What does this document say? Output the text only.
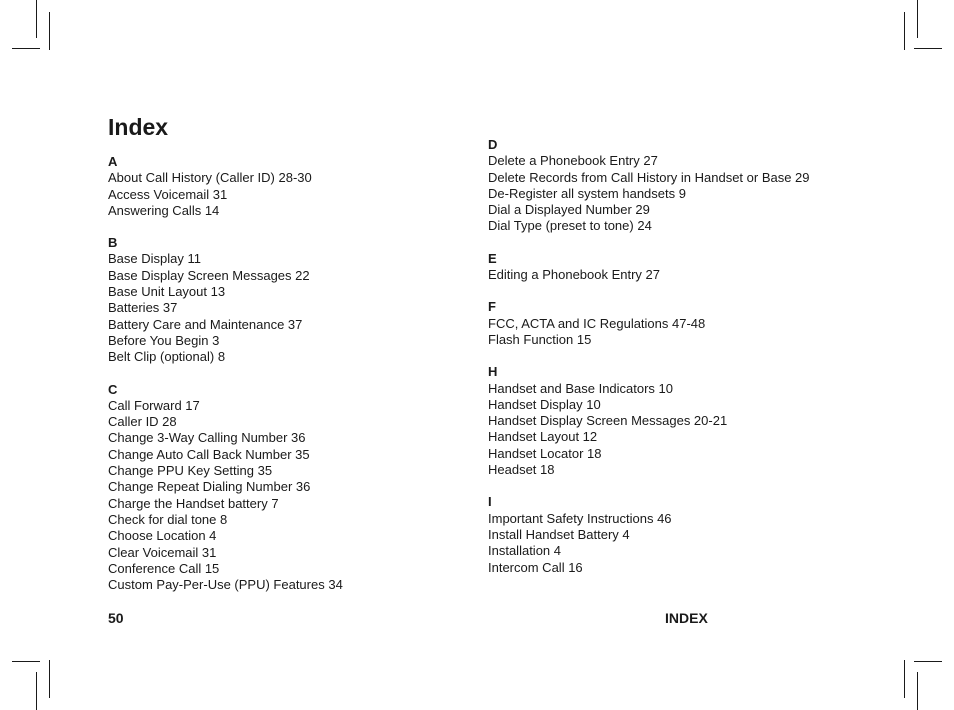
Index

A

About Call History (Caller ID) 28-30

Access Voicemail 31

Answering Calls 14

B

Base Display 11

Base Display Screen Messages 22

Base Unit Layout 13

Batteries 37

Battery Care and Maintenance 37

Before You Begin 3

Belt Clip (optional) 8

C

Call Forward 17

Caller ID 28

Change 3-Way Calling Number 36

Change Auto Call Back Number 35

Change PPU Key Setting 35

Change Repeat Dialing Number 36

Charge the Handset battery 7

Check for dial tone 8

Choose Location 4

Clear Voicemail 31

Conference Call 15

Custom Pay-Per-Use (PPU) Features 34

D

Delete a Phonebook Entry 27

Delete Records from Call History in Handset or Base 29

De-Register all system handsets 9

Dial a Displayed Number 29

Dial Type (preset to tone) 24

E

Editing a Phonebook Entry 27

F

FCC, ACTA and IC Regulations 47-48

Flash Function 15

H

Handset and Base Indicators 10

Handset Display 10

Handset Display Screen Messages 20-21

Handset Layout 12

Handset Locator 18

Headset 18

I

Important Safety Instructions 46

Install Handset Battery 4

Installation 4

Intercom Call 16

50	INDEX
